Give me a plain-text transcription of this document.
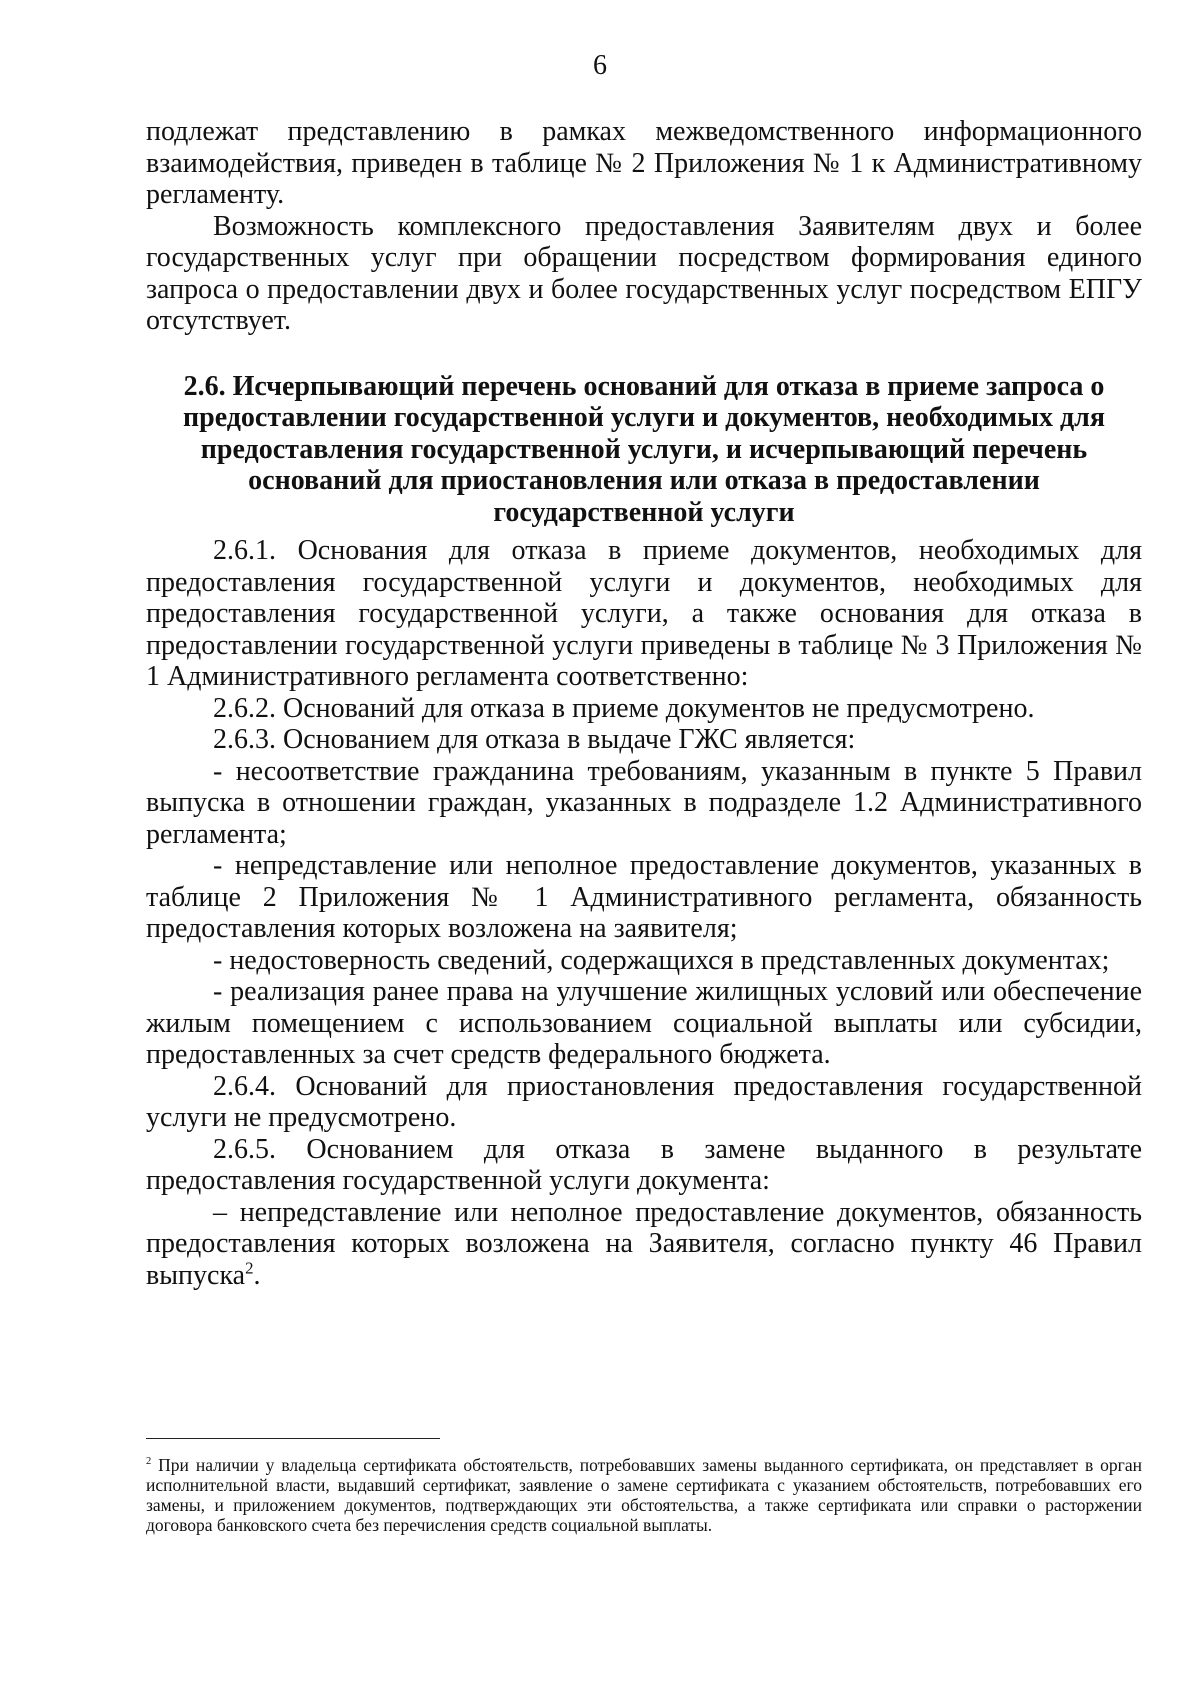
6

подлежат представлению в рамках межведомственного информационного взаимодействия, приведен в таблице № 2 Приложения № 1 к Административному регламенту.

Возможность комплексного предоставления Заявителям двух и более государственных услуг при обращении посредством формирования единого запроса о предоставлении двух и более государственных услуг посредством ЕПГУ отсутствует.

2.6. Исчерпывающий перечень оснований для отказа в приеме запроса о предоставлении государственной услуги и документов, необходимых для предоставления государственной услуги, и исчерпывающий перечень оснований для приостановления или отказа в предоставлении государственной услуги

2.6.1. Основания для отказа в приеме документов, необходимых для предоставления государственной услуги и документов, необходимых для предоставления государственной услуги, а также основания для отказа в предоставлении государственной услуги приведены в таблице № 3 Приложения № 1 Административного регламента соответственно:

2.6.2. Оснований для отказа в приеме документов не предусмотрено.

2.6.3. Основанием для отказа в выдаче ГЖС является:

- несоответствие гражданина требованиям, указанным в пункте 5 Правил выпуска в отношении граждан, указанных в подразделе 1.2 Административного регламента;

- непредставление или неполное предоставление документов, указанных в таблице 2 Приложения № 1 Административного регламента, обязанность предоставления которых возложена на заявителя;

- недостоверность сведений, содержащихся в представленных документах;

- реализация ранее права на улучшение жилищных условий или обеспечение жилым помещением с использованием социальной выплаты или субсидии, предоставленных за счет средств федерального бюджета.

2.6.4. Оснований для приостановления предоставления государственной услуги не предусмотрено.

2.6.5. Основанием для отказа в замене выданного в результате предоставления государственной услуги документа:

– непредставление или неполное предоставление документов, обязанность предоставления которых возложена на Заявителя, согласно пункту 46 Правил выпуска$^2$.

$^2$ При наличии у владельца сертификата обстоятельств, потребовавших замены выданного сертификата, он представляет в орган исполнительной власти, выдавший сертификат, заявление о замене сертификата с указанием обстоятельств, потребовавших его замены, и приложением документов, подтверждающих эти обстоятельства, а также сертификата или справки о расторжении договора банковского счета без перечисления средств социальной выплаты.
